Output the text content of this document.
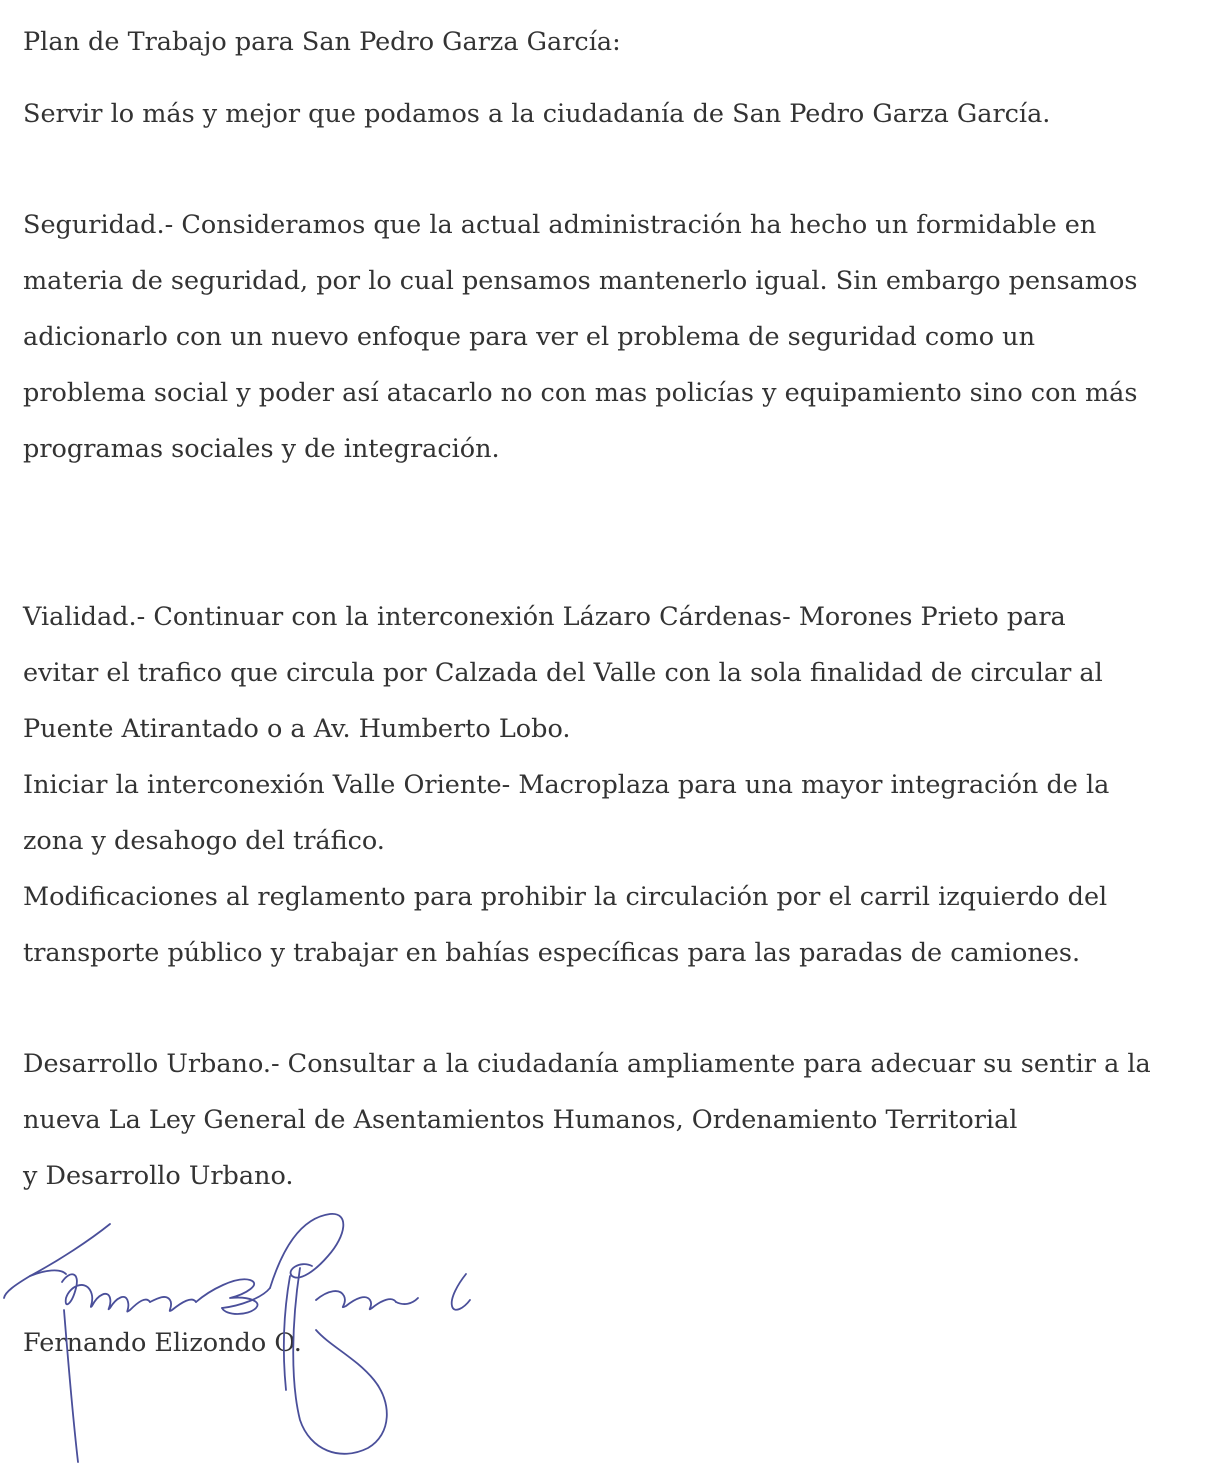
Plan de Trabajo para San Pedro Garza García:

Servir lo más y mejor que podamos a la ciudadanía de San Pedro Garza García.

Seguridad.- Consideramos que la actual administración ha hecho un formidable en

materia de seguridad, por lo cual pensamos mantenerlo igual. Sin embargo pensamos

adicionarlo con un nuevo enfoque para ver el problema de seguridad como un

problema social y poder así atacarlo no con mas policías y equipamiento sino con más

programas sociales y de integración.

Vialidad.- Continuar con la interconexión Lázaro Cárdenas- Morones Prieto para

evitar el trafico que circula por Calzada del Valle con la sola finalidad de circular al

Puente Atirantado o a Av. Humberto Lobo.

Iniciar la interconexión Valle Oriente- Macroplaza para una mayor integración de la

zona y desahogo del tráfico.

Modificaciones al reglamento para prohibir la circulación por el carril izquierdo del

transporte público y trabajar en bahías específicas para las paradas de camiones.

Desarrollo Urbano.- Consultar a la ciudadanía ampliamente para adecuar su sentir a la

nueva La Ley General de Asentamientos Humanos, Ordenamiento Territorial

y Desarrollo Urbano.

Fernando Elizondo O.
